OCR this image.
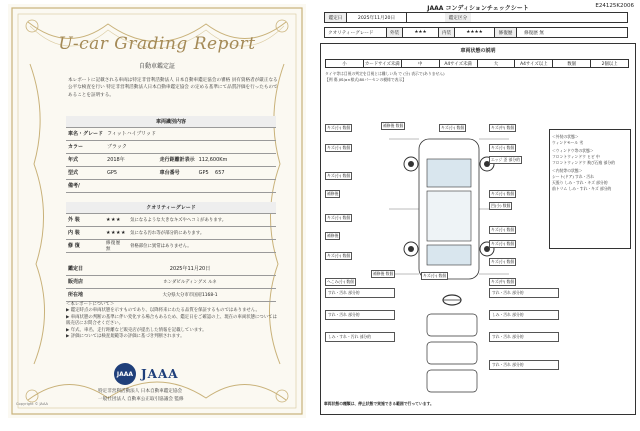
U-car Grading Report
自動車鑑定証
本レポートに記載される車両は特定非営利活動法人 日本自動車鑑定協会の審格 員有資格者が厳正なる公平な検査を行い 特定非営利活動法人日本自動車鑑定協会 の定める基準にて品質評価を行ったものであることを証明する。
車両識別内容			
車名・グレード	フィットハイブリッド		
カラー	ブラック		
年式	2018年	走行距離計表示	112,600Km
型式	GP5	車台番号	GP5 657
備考/			
クオリティーグレード		
外 装	★★★	気になるような大きなキズやヘコミがあります。
内 装	★★★★	気になる汚れ等が部分的にあります。
修 復	修復歴 無	骨格部位に異常はありません。
鑑定日	2025年11月20日
販売店	ホンダビルディングス ルネ
所在地	大分県大分市市国府1168-1
＜本レポートについて＞
▶ 鑑定時点の車両状態を示すものであり、以降将来にわたる品質を保証するものではありません。
▶ 車両状態の判断の基準に伴い変化する場合もあるため、鑑定日をご確認の上、現在の車両状態については販売店にお問合せください。
▶ 年式、車名、走行距離など販売店が提出した情報を記載しています。
▶ 評価については検査規範等の評価に基づき判断されます。
JAAA JAAA
特定非営利活動法人 日本自動車鑑定協会
一般社団法人 自動車公正取引協議会 監修
Copyright © JAAA
JAAA コンディションチェックシート	E24125K2006
鑑定日	2025年11月20日	鑑定区分
クオリティーグレード	外装	★★★	内装	★★★★	修復歴	修復歴 無
車両状態の説明
小	カードサイズ未満	中	A4サイズ未満	大	A4サイズ以上	数個	2個以上
タイヤ等は目視の判定を目視とは難しい為 で (分) 表示で(ありません)
【例 傷 JIS(a×様式)80パーセンの模様で表示】
キズ(小) 数個	補修後 数個	キズ(小) 数個	キズ(中) 数個
キズ(小) 数個	キズ(小) 数個
エッジ 歪 部分的
キズ(小) 数個
補修後	キズ(小) 数個
凹(小) 数個
キズ(小) 数個
補修後
キズ(小) 数個
キズ(小) 数個
キズ(小) 数個
キズ(小) 数個
補修後 数個	キズ(小) 数個
へこみ(小) 数個	キズ(中) 数個
＜外装の状態＞
ウィンドモール 劣
＜ウィンドウ等の状態＞
フロントウィンドウ ヒビ 中
フロントウィンドウ 飛び石痕 部分的
＜内装等の状態＞
シート(ドア) すれ・汚れ
天張り しみ・すれ・キズ 部分的
前トリム しみ・すれ・キズ 部分的
すれ・汚れ 部分的
すれ・汚れ 部分的
しみ・すれ・汚れ 部分的
すれ・汚れ 部分的
しみ・汚れ 部分的
すれ・汚れ 部分的
すれ・汚れ 部分的
車両状態の種類は、停止状態で実施できる範囲で行っています。
